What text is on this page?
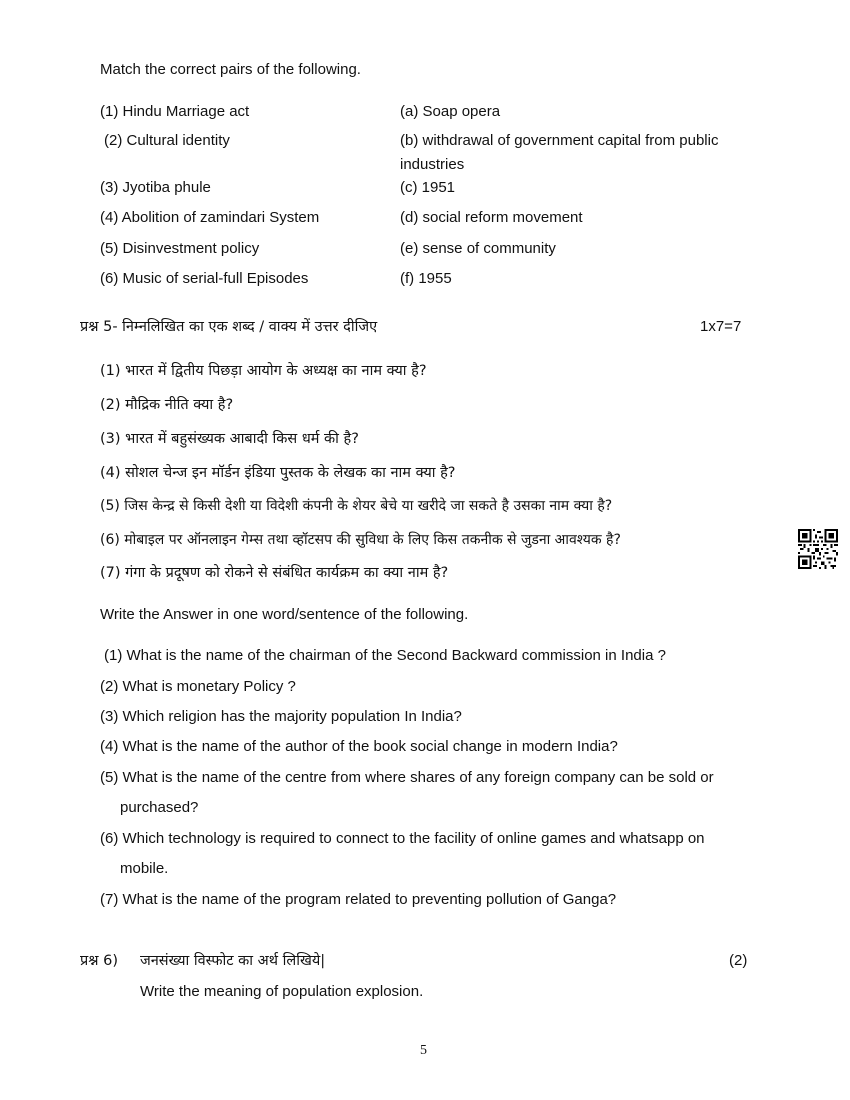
Match the correct pairs of the following.
(1) Hindu Marriage act
(2) Cultural identity
(3) Jyotiba phule
(4) Abolition of zamindari System
(5) Disinvestment policy
(6) Music of serial-full Episodes
(a) Soap opera
(b) withdrawal of government capital from public
industries
(c) 1951
(d) social reform movement
(e) sense of community
(f) 1955
प्रश्न 5- निम्नलिखित का एक शब्द / वाक्य में उत्तर दीजिए	1x7=7
(1) भारत में द्वितीय पिछड़ा आयोग के अध्यक्ष का नाम क्या है?
(2) मौद्रिक नीति क्या है?
(3) भारत में बहुसंख्यक आबादी किस धर्म की है?
(4) सोशल चेन्ज इन मॉर्डन इंडिया पुस्तक के लेखक का नाम क्या है?
(5) जिस केन्द्र से किसी देशी या विदेशी कंपनी के शेयर बेचे या खरीदे जा सकते है उसका नाम क्या है?
(6) मोबाइल पर ऑनलाइन गेम्स तथा व्हॉटसप की सुविधा के लिए किस तकनीक से जुडना आवश्यक है?
(7) गंगा के प्रदूषण को रोकने से संबंधित कार्यक्रम का क्या नाम है?
Write the Answer in one word/sentence of the following.
(1) What is the name of the chairman of the Second Backward commission in India ?
(2) What is monetary Policy ?
(3) Which religion has the majority population In India?
(4) What is the name of the author of the book social change in modern India?
(5) What is the name of the centre from where shares of any foreign company can be sold or
purchased?
(6) Which technology is required to connect to the facility of online games and whatsapp on
mobile.
(7) What is the name of the program related to preventing pollution of Ganga?
प्रश्न 6) जनसंख्या विस्फोट का अर्थ लिखिये|	(2)
Write the meaning of population explosion.
5
